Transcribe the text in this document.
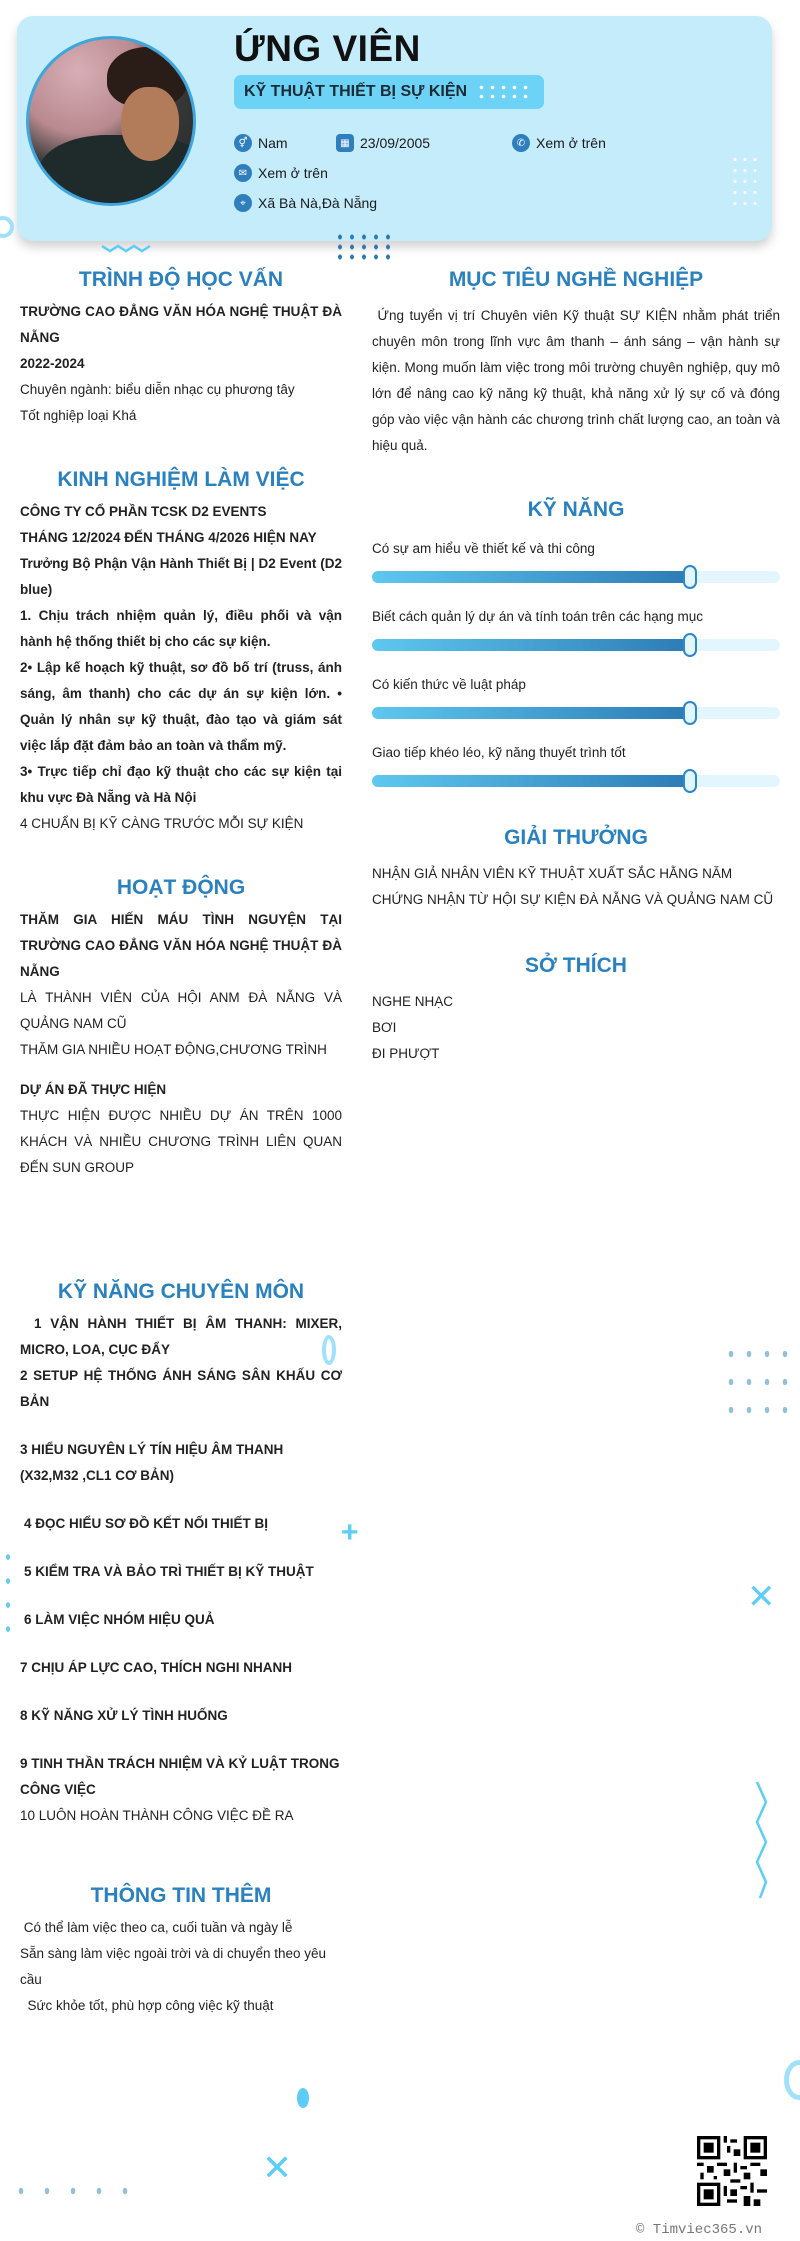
ỨNG VIÊN
KỸ THUẬT THIẾT BỊ SỰ KIỆN
⚥ Nam	▦ 23/09/2005	✆ Xem ở trên
✉ Xem ở trên
⌖ Xã Bà Nà,Đà Nẵng
+
✕
✕
TRÌNH ĐỘ HỌC VẤN
TRƯỜNG CAO ĐẲNG VĂN HÓA NGHỆ THUẬT ĐÀ NẴNG
2022-2024
Chuyên ngành: biểu diễn nhạc cụ phương tây
Tốt nghiệp loại Khá
KINH NGHIỆM LÀM VIỆC
CÔNG TY CỔ PHẦN TCSK D2 EVENTS
THÁNG 12/2024 ĐẾN THÁNG 4/2026 HIỆN NAY
Trưởng Bộ Phận Vận Hành Thiết Bị | D2 Event (D2 blue)
1. Chịu trách nhiệm quản lý, điều phối và vận hành hệ thống thiết bị cho các sự kiện.
2• Lập kế hoạch kỹ thuật, sơ đồ bố trí (truss, ánh sáng, âm thanh) cho các dự án sự kiện lớn. • Quản lý nhân sự kỹ thuật, đào tạo và giám sát việc lắp đặt đảm bảo an toàn và thẩm mỹ.
3• Trực tiếp chỉ đạo kỹ thuật cho các sự kiện tại khu vực Đà Nẵng và Hà Nội
4 CHUẨN BỊ KỸ CÀNG TRƯỚC MỖI SỰ KIỆN
HOẠT ĐỘNG
THĂM GIA HIẾN MÁU TÌNH NGUYỆN TẠI TRƯỜNG CAO ĐẲNG VĂN HÓA NGHỆ THUẬT ĐÀ NẴNG
LÀ THÀNH VIÊN CỦA HỘI ANM ĐÀ NẴNG VÀ QUẢNG NAM CŨ
THĂM GIA NHIỀU HOẠT ĐỘNG,CHƯƠNG TRÌNH
DỰ ÁN ĐÃ THỰC HIỆN
THỰC HIỆN ĐƯỢC NHIỀU DỰ ÁN TRÊN 1000 KHÁCH VÀ NHIỀU CHƯƠNG TRÌNH LIÊN QUAN ĐẾN SUN GROUP
KỸ NĂNG CHUYÊN MÔN
1 VẬN HÀNH THIẾT BỊ ÂM THANH: MIXER, MICRO, LOA, CỤC ĐẨY
2 SETUP HỆ THỐNG ÁNH SÁNG SÂN KHẤU CƠ BẢN
3 HIỂU NGUYÊN LÝ TÍN HIỆU ÂM THANH (X32,M32 ,CL1 CƠ BẢN)
4 ĐỌC HIỂU SƠ ĐỒ KẾT NỐI THIẾT BỊ
5 KIỂM TRA VÀ BẢO TRÌ THIẾT BỊ KỸ THUẬT
6 LÀM VIỆC NHÓM HIỆU QUẢ
7 CHỊU ÁP LỰC CAO, THÍCH NGHI NHANH
8 KỸ NĂNG XỬ LÝ TÌNH HUỐNG
9 TINH THẦN TRÁCH NHIỆM VÀ KỶ LUẬT TRONG CÔNG VIỆC
10 LUÔN HOÀN THÀNH CÔNG VIỆC ĐỀ RA
THÔNG TIN THÊM
Có thể làm việc theo ca, cuối tuần và ngày lễ
Sẵn sàng làm việc ngoài trời và di chuyển theo yêu cầu
Sức khỏe tốt, phù hợp công việc kỹ thuật
MỤC TIÊU NGHỀ NGHIỆP
Ứng tuyển vị trí Chuyên viên Kỹ thuật SỰ KIỆN nhằm phát triển chuyên môn trong lĩnh vực âm thanh – ánh sáng – vận hành sự kiện. Mong muốn làm việc trong môi trường chuyên nghiệp, quy mô lớn để nâng cao kỹ năng kỹ thuật, khả năng xử lý sự cố và đóng góp vào việc vận hành các chương trình chất lượng cao, an toàn và hiệu quả.
KỸ NĂNG
Có sự am hiểu về thiết kế và thi công
Biết cách quản lý dự án và tính toán trên các hạng mục
Có kiến thức về luật pháp
Giao tiếp khéo léo, kỹ năng thuyết trình tốt
GIẢI THƯỞNG
NHẬN GIẢ NHÂN VIÊN KỸ THUẬT XUẤT SẮC HẰNG NĂM
CHỨNG NHẬN TỪ HỘI SỰ KIỆN ĐÀ NẴNG VÀ QUẢNG NAM CŨ
SỞ THÍCH
NGHE NHẠC
BƠI
ĐI PHƯỢT
© Timviec365.vn
